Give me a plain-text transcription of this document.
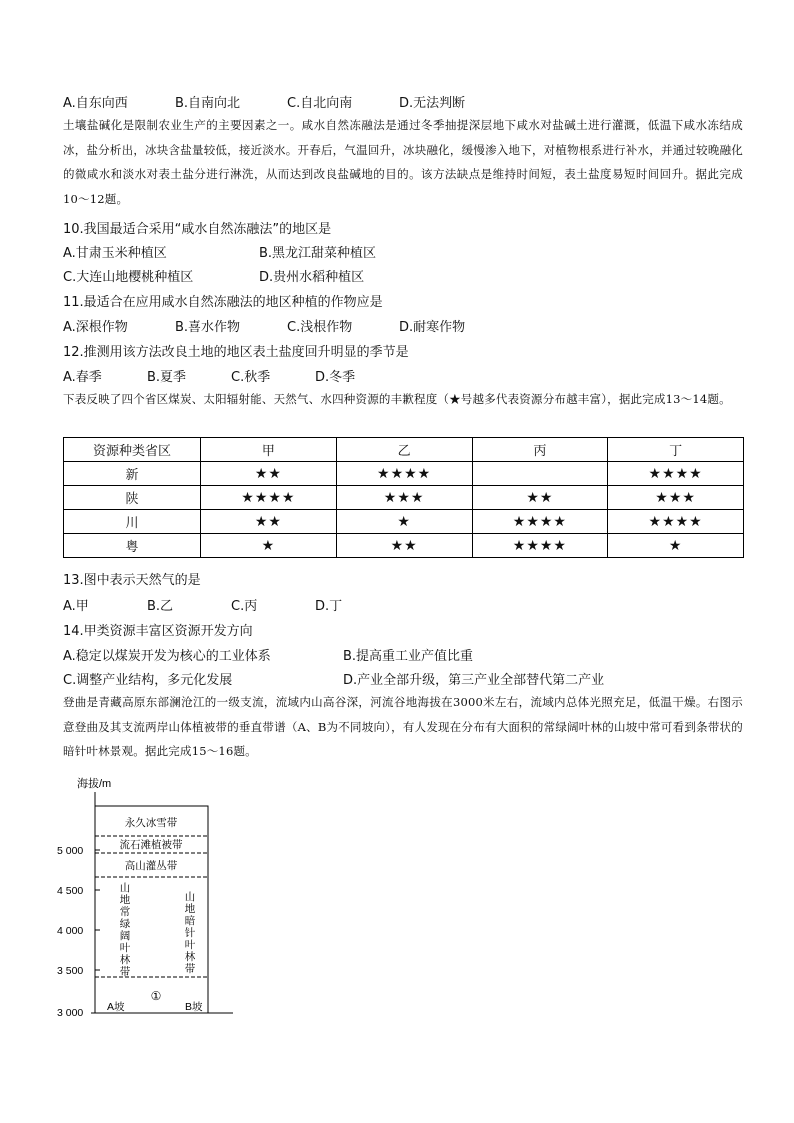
A.自东向西	B.自南向北	C.自北向南	D.无法判断
土壤盐碱化是限制农业生产的主要因素之一。咸水自然冻融法是通过冬季抽提深层地下咸水对盐碱土进行灌溉，低温下咸水冻结成冰，盐分析出，冰块含盐量较低，接近淡水。开春后，气温回升，冰块融化，缓慢渗入地下，对植物根系进行补水，并通过较晚融化的微咸水和淡水对表土盐分进行淋洗，从而达到改良盐碱地的目的。该方法缺点是维持时间短，表土盐度易短时间回升。据此完成10～12题。
10.我国最适合采用“咸水自然冻融法”的地区是
A.甘肃玉米种植区	B.黑龙江甜菜种植区
C.大连山地樱桃种植区	D.贵州水稻种植区
11.最适合在应用咸水自然冻融法的地区种植的作物应是
A.深根作物	B.喜水作物	C.浅根作物	D.耐寒作物
12.推测用该方法改良土地的地区表土盐度回升明显的季节是
A.春季	B.夏季	C.秋季	D.冬季
下表反映了四个省区煤炭、太阳辐射能、天然气、水四种资源的丰歉程度（★号越多代表资源分布越丰富），据此完成13～14题。
资源种类省区	甲	乙	丙	丁
新	★★	★★★★		★★★★
陕	★★★★	★★★	★★	★★★
川	★★	★	★★★★	★★★★
粤	★	★★	★★★★	★
13.图中表示天然气的是
A.甲	B.乙	C.丙	D.丁
14.甲类资源丰富区资源开发方向
A.稳定以煤炭开发为核心的工业体系	B.提高重工业产值比重
C.调整产业结构，多元化发展	D.产业全部升级，第三产业全部替代第二产业
登曲是青藏高原东部澜沧江的一级支流，流域内山高谷深，河流谷地海拔在3000米左右，流域内总体光照充足，低温干燥。右图示意登曲及其支流两岸山体植被带的垂直带谱（A、B为不同坡向），有人发现在分布有大面积的常绿阔叶林的山坡中常可看到条带状的暗针叶林景观。据此完成15～16题。
海拔/m
5 000
4 500
4 000
3 500
3 000
永久冰雪带
流石滩植被带
高山灌丛带
山地常绿阔叶林带
山地暗针叶林带
①
A坡	B坡
